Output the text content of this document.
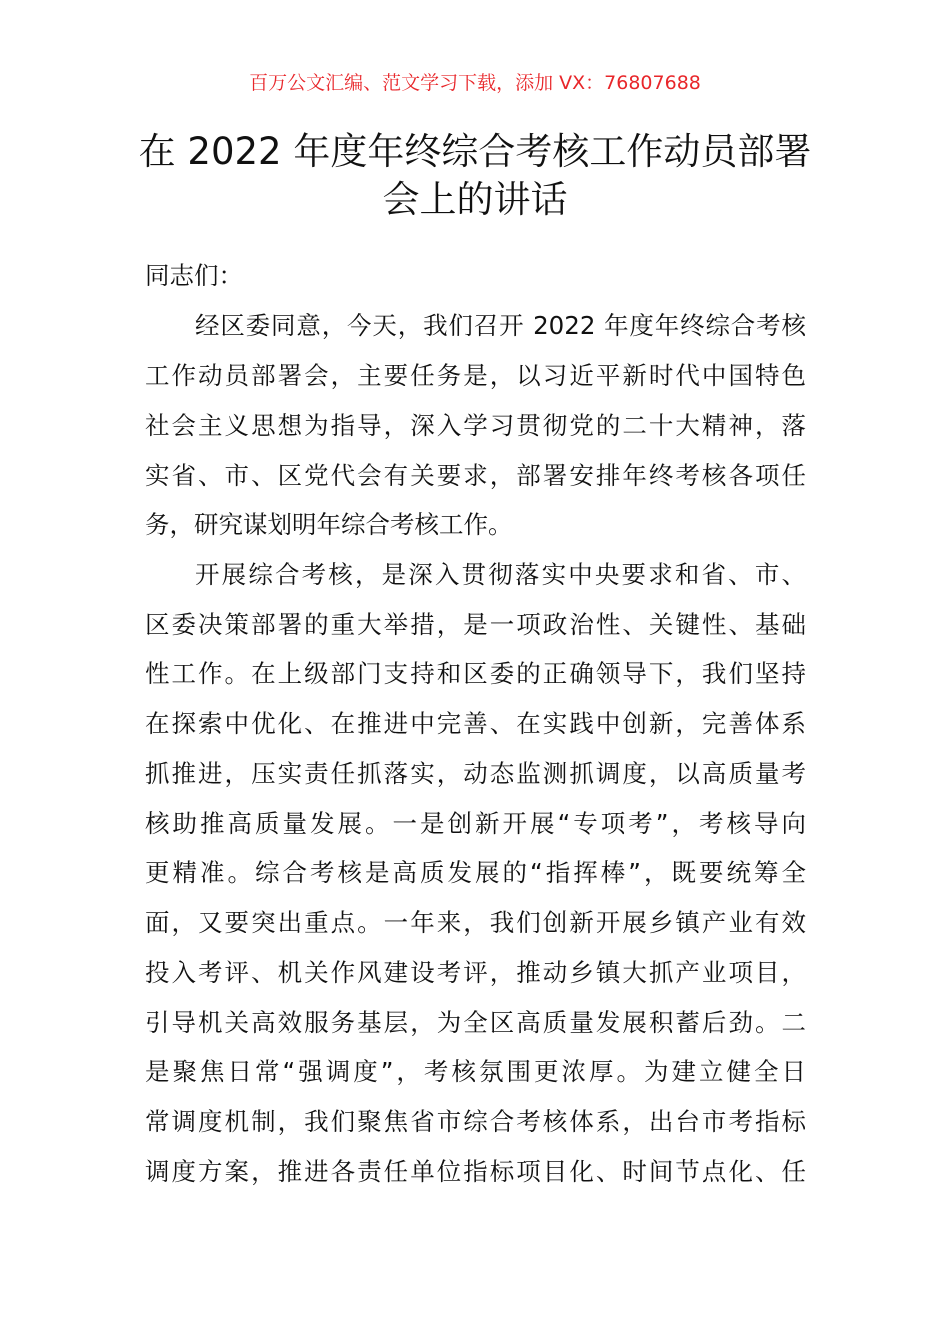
百万公文汇编、范文学习下载，添加 VX：76807688
在 2022 年度年终综合考核工作动员部署
会上的讲话
同志们：
经区委同意，今天，我们召开 2022 年度年终综合考核
工作动员部署会，主要任务是，以习近平新时代中国特色
社会主义思想为指导，深入学习贯彻党的二十大精神，落
实省、市、区党代会有关要求，部署安排年终考核各项任
务，研究谋划明年综合考核工作。
开展综合考核，是深入贯彻落实中央要求和省、市、
区委决策部署的重大举措，是一项政治性、关键性、基础
性工作。在上级部门支持和区委的正确领导下，我们坚持
在探索中优化、在推进中完善、在实践中创新，完善体系
抓推进，压实责任抓落实，动态监测抓调度，以高质量考
核助推高质量发展。一是创新开展“专项考”，考核导向
更精准。综合考核是高质发展的“指挥棒”，既要统筹全
面，又要突出重点。一年来，我们创新开展乡镇产业有效
投入考评、机关作风建设考评，推动乡镇大抓产业项目，
引导机关高效服务基层，为全区高质量发展积蓄后劲。二
是聚焦日常“强调度”，考核氛围更浓厚。为建立健全日
常调度机制，我们聚焦省市综合考核体系，出台市考指标
调度方案，推进各责任单位指标项目化、时间节点化、任
